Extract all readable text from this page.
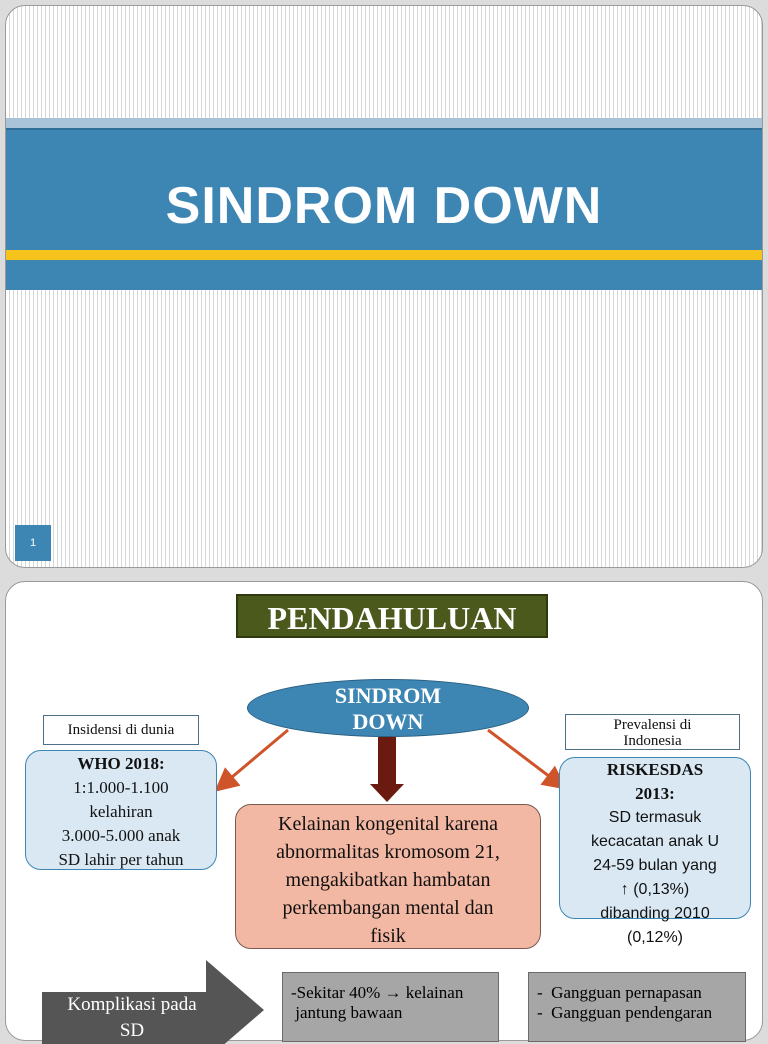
SINDROM DOWN
1
PENDAHULUAN
SINDROM
DOWN
Insidensi di dunia
WHO 2018:
1:1.000-1.100
kelahiran
3.000-5.000 anak
SD lahir per tahun
RISKESDAS
2013:
SD termasuk
kecacatan anak U
24-59 bulan yang
↑ (0,13%)
dibanding 2010
(0,12%)
Prevalensi di
Indonesia
Kelainan kongenital karena
abnormalitas kromosom 21,
mengakibatkan hambatan
perkembangan mental dan
fisik
Komplikasi pada
SD
-Sekitar 40% → kelainan
jantung bawaan
-  Gangguan pernapasan
-  Gangguan pendengaran
